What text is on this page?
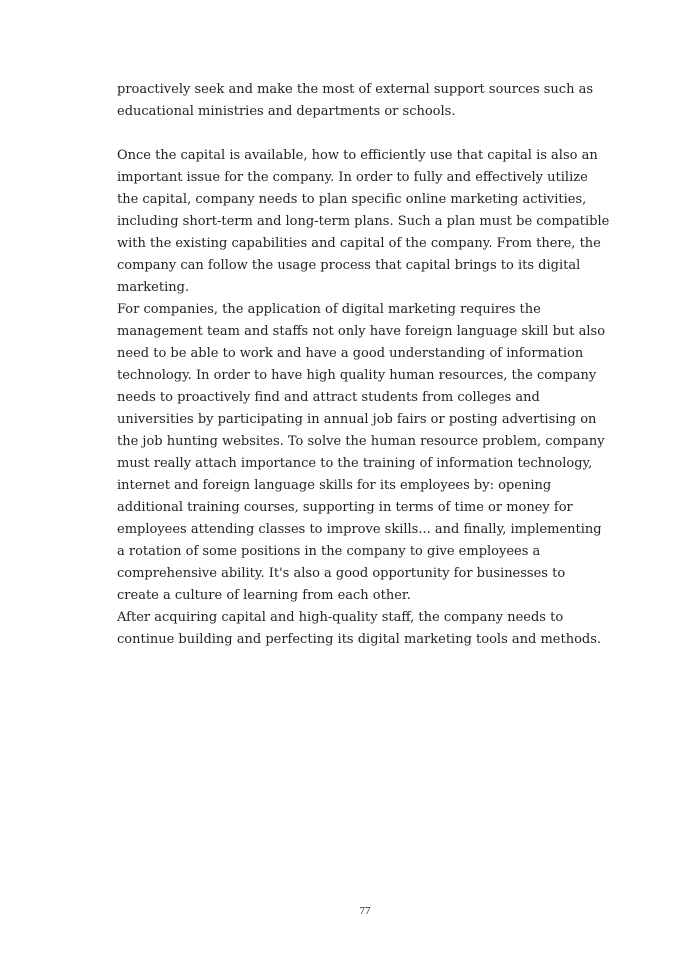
proactively seek and make the most of external support sources such as
educational ministries and departments or schools.

Once the capital is available, how to efficiently use that capital is also an
important issue for the company. In order to fully and effectively utilize
the capital, company needs to plan specific online marketing activities,
including short-term and long-term plans. Such a plan must be compatible
with the existing capabilities and capital of the company. From there, the
company can follow the usage process that capital brings to its digital
marketing.

For companies, the application of digital marketing requires the
management team and staffs not only have foreign language skill but also
need to be able to work and have a good understanding of information
technology. In order to have high quality human resources, the company
needs to proactively find and attract students from colleges and
universities by participating in annual job fairs or posting advertising on
the job hunting websites. To solve the human resource problem, company
must really attach importance to the training of information technology,
internet and foreign language skills for its employees by: opening
additional training courses, supporting in terms of time or money for
employees attending classes to improve skills... and finally, implementing
a rotation of some positions in the company to give employees a
comprehensive ability. It's also a good opportunity for businesses to
create a culture of learning from each other.

After acquiring capital and high-quality staff, the company needs to
continue building and perfecting its digital marketing tools and methods.

77
